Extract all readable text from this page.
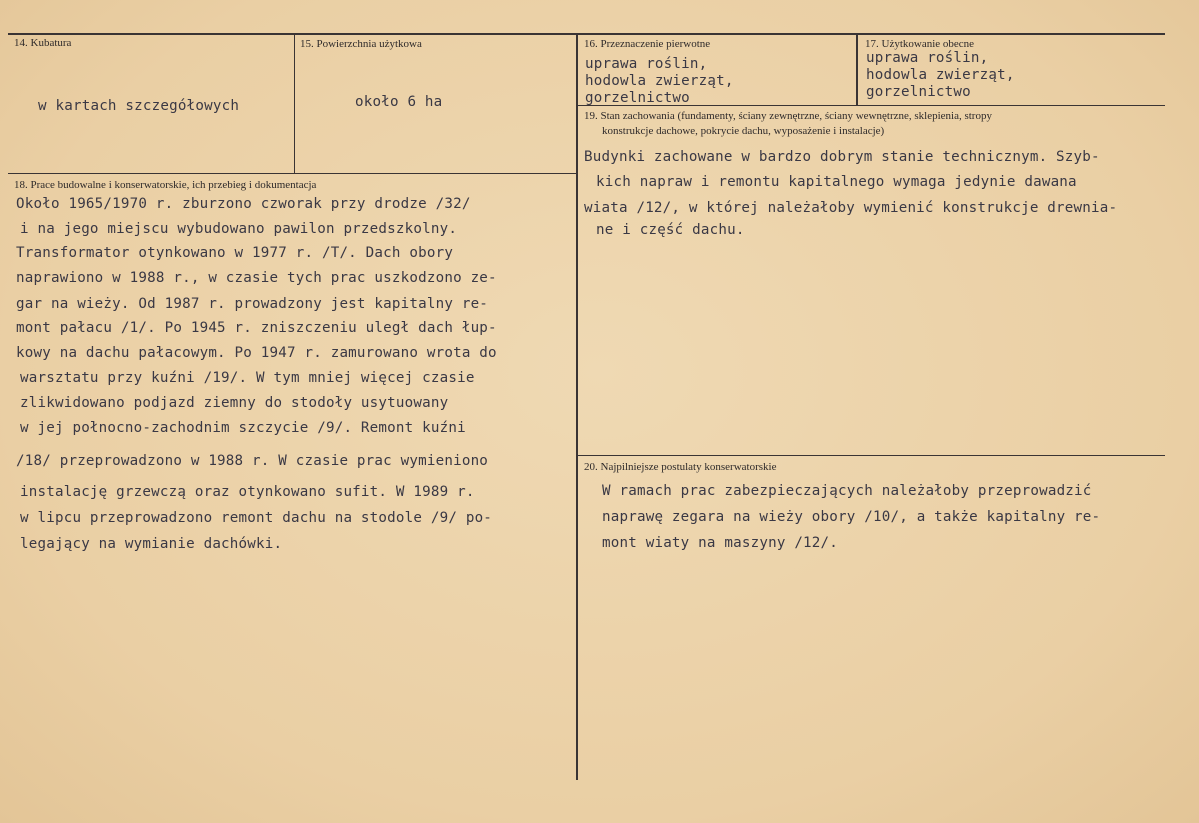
14. Kubatura
w kartach szczegółowych
15. Powierzchnia użytkowa
około 6 ha
16. Przeznaczenie pierwotne
uprawa roślin,
hodowla zwierząt,
gorzelnictwo
17. Użytkowanie obecne
uprawa roślin,
hodowla zwierząt,
gorzelnictwo
19. Stan zachowania (fundamenty, ściany zewnętrzne, ściany wewnętrzne, sklepienia, stropy
konstrukcje dachowe, pokrycie dachu, wyposażenie i instalacje)
Budynki zachowane w bardzo dobrym stanie technicznym. Szyb-
kich napraw i remontu kapitalnego wymaga jedynie dawana
wiata /12/, w której należałoby wymienić konstrukcje drewnia-
ne i część dachu.
18. Prace budowalne i konserwatorskie, ich przebieg i dokumentacja
Około 1965/1970 r. zburzono czworak przy drodze /32/
i na jego miejscu wybudowano pawilon przedszkolny.
Transformator otynkowano w 1977 r. /T/. Dach obory
naprawiono w 1988 r., w czasie tych prac uszkodzono ze-
gar na wieży. Od 1987 r. prowadzony jest kapitalny re-
mont pałacu /1/. Po 1945 r. zniszczeniu uległ dach łup-
kowy na dachu pałacowym. Po 1947 r. zamurowano wrota do
warsztatu przy kuźni /19/. W tym mniej więcej czasie
zlikwidowano podjazd ziemny do stodoły usytuowany
w jej połnocno-zachodnim szczycie /9/. Remont kuźni
/18/ przeprowadzono w 1988 r. W czasie prac wymieniono
instalację grzewczą oraz otynkowano sufit. W 1989 r.
w lipcu przeprowadzono remont dachu na stodole /9/ po-
legający na wymianie dachówki.
20. Najpilniejsze postulaty konserwatorskie
W ramach prac zabezpieczających należałoby przeprowadzić
naprawę zegara na wieży obory /10/, a także kapitalny re-
mont wiaty na maszyny /12/.
